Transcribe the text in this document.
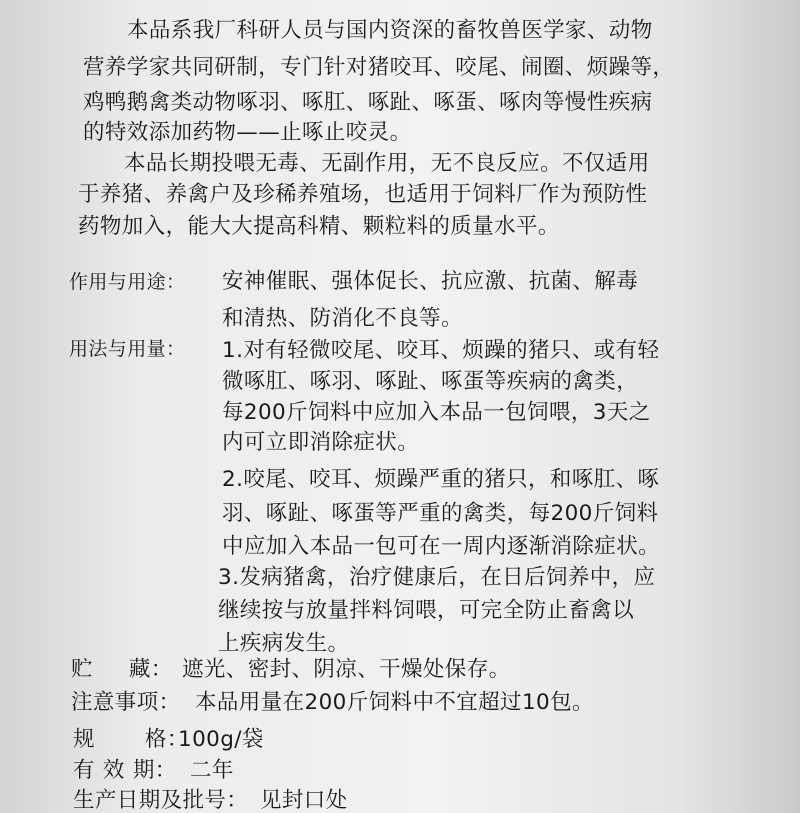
本品系我厂科研人员与国内资深的畜牧兽医学家、动物
营养学家共同研制，专门针对猪咬耳、咬尾、闹圈、烦躁等，
鸡鸭鹅禽类动物啄羽、啄肛、啄趾、啄蛋、啄肉等慢性疾病
的特效添加药物——止啄止咬灵。
本品长期投喂无毒、无副作用，无不良反应。不仅适用
于养猪、养禽户及珍稀养殖场，也适用于饲料厂作为预防性
药物加入，能大大提高科精、颗粒料的质量水平。
作用与用途： 安神催眠、强体促长、抗应激、抗菌、解毒
和清热、防消化不良等。
用法与用量： 1.对有轻微咬尾、咬耳、烦躁的猪只、或有轻
微啄肛、啄羽、啄趾、啄蛋等疾病的禽类，
每200斤饲料中应加入本品一包饲喂，3天之
内可立即消除症状。
2.咬尾、咬耳、烦躁严重的猪只，和啄肛、啄
羽、啄趾、啄蛋等严重的禽类，每200斤饲料
中应加入本品一包可在一周内逐渐消除症状。
3.发病猪禽，治疗健康后，在日后饲养中，应
继续按与放量拌料饲喂，可完全防止畜禽以
上疾病发生。
贮 藏： 遮光、密封、阴凉、干燥处保存。
注意事项： 本品用量在200斤饲料中不宜超过10包。
规 格：
100g/袋
有 效 期： 二年
生产日期及批号： 见封口处
